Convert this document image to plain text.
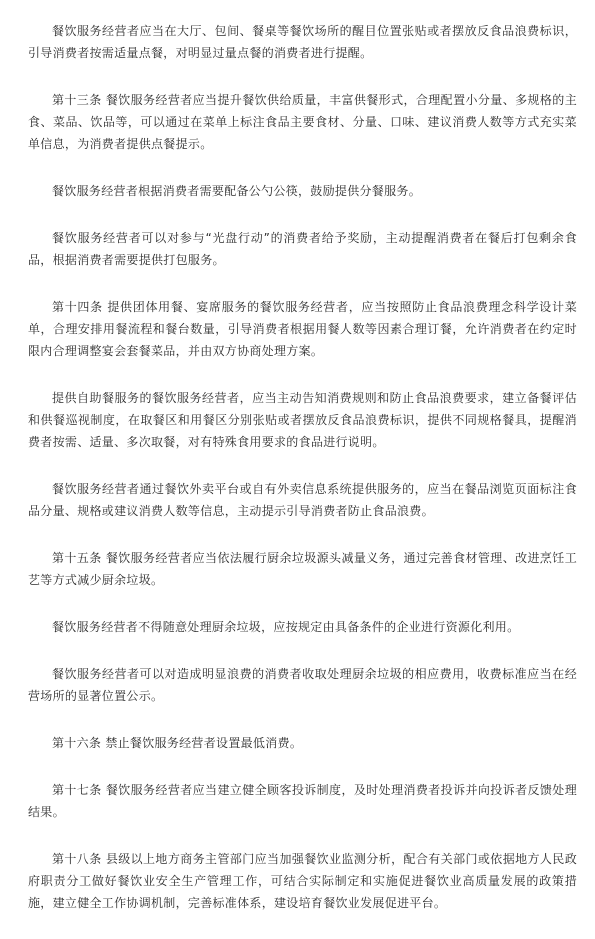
餐饮服务经营者应当在大厅、包间、餐桌等餐饮场所的醒目位置张贴或者摆放反食品浪费标识，引导消费者按需适量点餐，对明显过量点餐的消费者进行提醒。

第十三条 餐饮服务经营者应当提升餐饮供给质量，丰富供餐形式，合理配置小分量、多规格的主食、菜品、饮品等，可以通过在菜单上标注食品主要食材、分量、口味、建议消费人数等方式充实菜单信息，为消费者提供点餐提示。

餐饮服务经营者根据消费者需要配备公勺公筷，鼓励提供分餐服务。

餐饮服务经营者可以对参与“光盘行动”的消费者给予奖励，主动提醒消费者在餐后打包剩余食品，根据消费者需要提供打包服务。

第十四条 提供团体用餐、宴席服务的餐饮服务经营者，应当按照防止食品浪费理念科学设计菜单，合理安排用餐流程和餐台数量，引导消费者根据用餐人数等因素合理订餐，允许消费者在约定时限内合理调整宴会套餐菜品，并由双方协商处理方案。

提供自助餐服务的餐饮服务经营者，应当主动告知消费规则和防止食品浪费要求，建立备餐评估和供餐巡视制度，在取餐区和用餐区分别张贴或者摆放反食品浪费标识，提供不同规格餐具，提醒消费者按需、适量、多次取餐，对有特殊食用要求的食品进行说明。

餐饮服务经营者通过餐饮外卖平台或自有外卖信息系统提供服务的，应当在餐品浏览页面标注食品分量、规格或建议消费人数等信息，主动提示引导消费者防止食品浪费。

第十五条 餐饮服务经营者应当依法履行厨余垃圾源头减量义务，通过完善食材管理、改进烹饪工艺等方式减少厨余垃圾。

餐饮服务经营者不得随意处理厨余垃圾，应按规定由具备条件的企业进行资源化利用。

餐饮服务经营者可以对造成明显浪费的消费者收取处理厨余垃圾的相应费用，收费标准应当在经营场所的显著位置公示。

第十六条 禁止餐饮服务经营者设置最低消费。

第十七条 餐饮服务经营者应当建立健全顾客投诉制度，及时处理消费者投诉并向投诉者反馈处理结果。

第十八条 县级以上地方商务主管部门应当加强餐饮业监测分析，配合有关部门或依据地方人民政府职责分工做好餐饮业安全生产管理工作，可结合实际制定和实施促进餐饮业高质量发展的政策措施，建立健全工作协调机制，完善标准体系，建设培育餐饮业发展促进平台。
